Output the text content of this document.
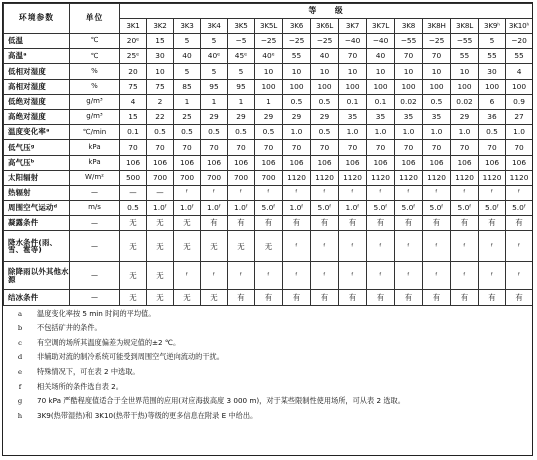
环境参数	单位	等　　级														
		3K1	3K2	3K3	3K4	3K5	3K5L	3K6	3K6L	3K7	3K7L	3K8	3K8H	3K8L	3K9ʰ	3K10ʰ
低温	℃	20ᵉ	15	5	5	−5	−25	−25	−25	−40	−40	−55	−25	−55	5	−20
高温ᵃ	℃	25ᵉ	30	40	40ᵉ	45ᵉ	40ᵉ	55	40	70	40	70	70	55	55	55
低相对湿度	%	20	10	5	5	5	10	10	10	10	10	10	10	10	30	4
高相对湿度	%	75	75	85	95	95	100	100	100	100	100	100	100	100	100	100
低绝对湿度	g/m³	4	2	1	1	1	1	0.5	0.5	0.1	0.1	0.02	0.5	0.02	6	0.9
高绝对湿度	g/m³	15	22	25	29	29	29	29	29	35	35	35	35	29	36	27
温度变化率ᵃ	℃/min	0.1	0.5	0.5	0.5	0.5	0.5	1.0	0.5	1.0	1.0	1.0	1.0	1.0	0.5	1.0
低气压ᶢ	kPa	70	70	70	70	70	70	70	70	70	70	70	70	70	70	70
高气压ᵇ	kPa	106	106	106	106	106	106	106	106	106	106	106	106	106	106	106
太阳辐射	W/m²	500	700	700	700	700	700	1120	1120	1120	1120	1120	1120	1120	1120	1120
热辐射	—	—	—	ᶠ	ᶠ	ᶠ	ᶠ	ᶠ	ᶠ	ᶠ	ᶠ	ᶠ	ᶠ	ᶠ	ᶠ	ᶠ
周围空气运动ᵈ	m/s	0.5	1.0ᶠ	1.0ᶠ	1.0ᶠ	1.0ᶠ	5.0ᶠ	1.0ᶠ	5.0ᶠ	1.0ᶠ	5.0ᶠ	5.0ᶠ	5.0ᶠ	5.0ᶠ	5.0ᶠ	5.0ᶠ
凝露条件	—	无	无	无	有	有	有	有	有	有	有	有	有	有	有	有
降水条件(雨、雪、雹等)	—	无	无	无	无	无	无	ᶠ	ᶠ	ᶠ	ᶠ	ᶠ	ᶠ	ᶠ	ᶠ	ᶠ
除降雨以外其他水源	—	无	无	ᶠ	ᶠ	ᶠ	ᶠ	ᶠ	ᶠ	ᶠ	ᶠ	ᶠ	ᶠ	ᶠ	ᶠ	ᶠ
结冰条件	—	无	无	无	无	有	有	有	有	有	有	有	有	有	有	有
a	温度变化率按 5 min 时间的平均值。
b	不包括矿井的条件。
c	有空调的场所其温度偏差为规定值的±2 ℃。
d	非辅助对流的制冷系统可能受到周围空气逆向流动的干扰。
e	特殊情况下，可在表 2 中选取。
f	相关场所的条件选自表 2。
g	70 kPa 严酷程度值适合于全世界范围的应用(对应海拔高度 3 000 m)，对于某些限制性使用场所，可从表 2 选取。
h	3K9(热带湿热)和 3K10(热带干热)等级的更多信息在附录 E 中给出。
